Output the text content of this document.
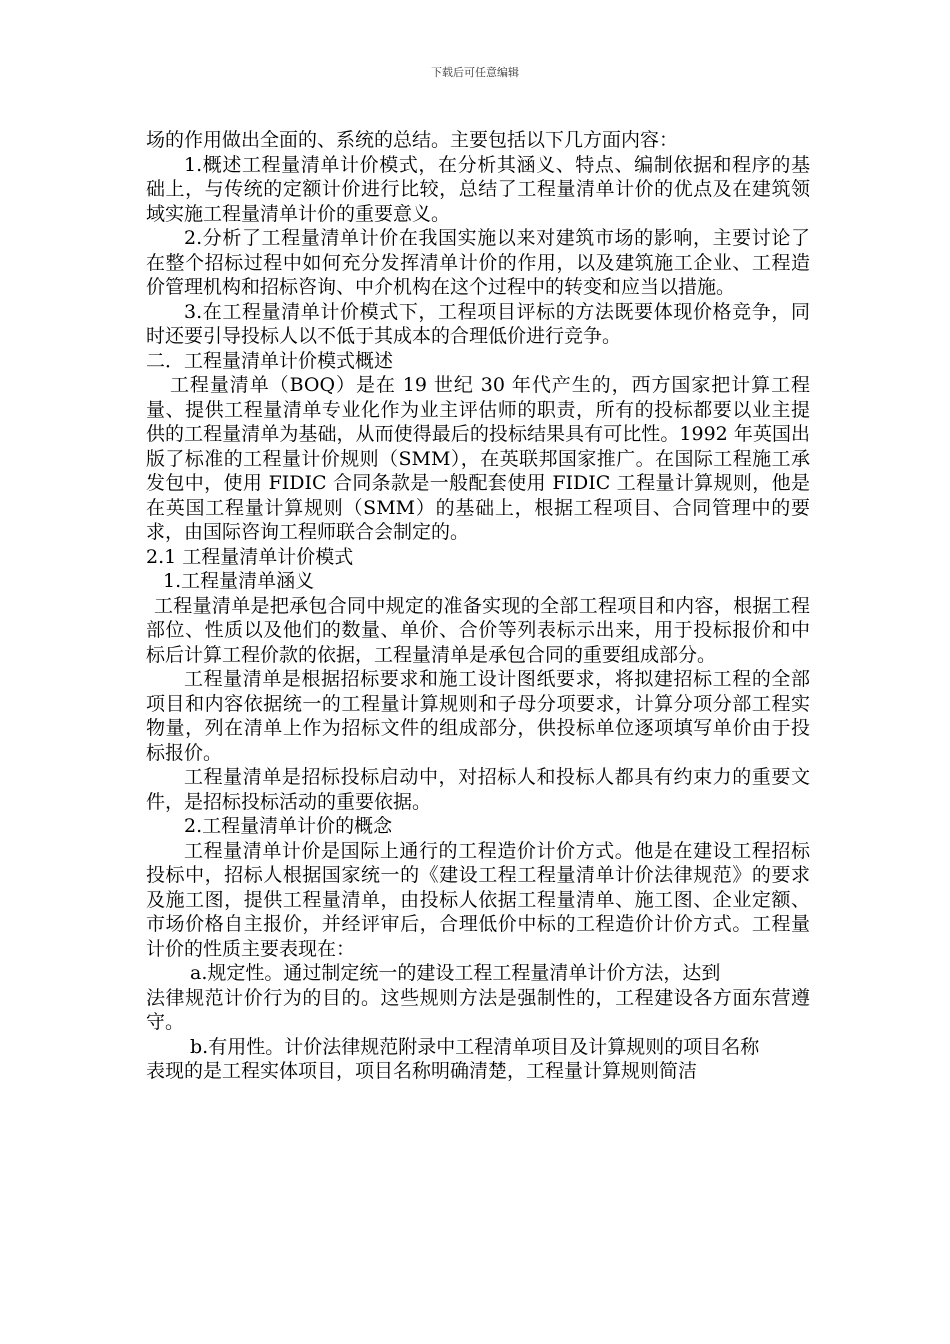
下载后可任意编辑

场的作用做出全面的、系统的总结。主要包括以下几方面内容：

1.概述工程量清单计价模式，在分析其涵义、特点、编制依据和程序的基础上，与传统的定额计价进行比较，总结了工程量清单计价的优点及在建筑领域实施工程量清单计价的重要意义。

2.分析了工程量清单计价在我国实施以来对建筑市场的影响，主要讨论了在整个招标过程中如何充分发挥清单计价的作用，以及建筑施工企业、工程造价管理机构和招标咨询、中介机构在这个过程中的转变和应当以措施。

3.在工程量清单计价模式下，工程项目评标的方法既要体现价格竞争，同时还要引导投标人以不低于其成本的合理低价进行竞争。

二．工程量清单计价模式概述

工程量清单（BOQ）是在 19 世纪 30 年代产生的，西方国家把计算工程量、提供工程量清单专业化作为业主评估师的职责，所有的投标都要以业主提供的工程量清单为基础，从而使得最后的投标结果具有可比性。1992 年英国出版了标准的工程量计价规则（SMM），在英联邦国家推广。在国际工程施工承发包中，使用 FIDIC 合同条款是一般配套使用 FIDIC 工程量计算规则，他是在英国工程量计算规则（SMM）的基础上，根据工程项目、合同管理中的要求，由国际咨询工程师联合会制定的。

2.1 工程量清单计价模式

1.工程量清单涵义

工程量清单是把承包合同中规定的准备实现的全部工程项目和内容，根据工程部位、性质以及他们的数量、单价、合价等列表标示出来，用于投标报价和中标后计算工程价款的依据，工程量清单是承包合同的重要组成部分。

工程量清单是根据招标要求和施工设计图纸要求，将拟建招标工程的全部项目和内容依据统一的工程量计算规则和子母分项要求，计算分项分部工程实物量，列在清单上作为招标文件的组成部分，供投标单位逐项填写单价由于投标报价。

工程量清单是招标投标启动中，对招标人和投标人都具有约束力的重要文件，是招标投标活动的重要依据。

2.工程量清单计价的概念

工程量清单计价是国际上通行的工程造价计价方式。他是在建设工程招标投标中，招标人根据国家统一的《建设工程工程量清单计价法律规范》的要求及施工图，提供工程量清单，由投标人依据工程量清单、施工图、企业定额、市场价格自主报价，并经评审后，合理低价中标的工程造价计价方式。工程量计价的性质主要表现在：

a.规定性。通过制定统一的建设工程工程量清单计价方法，达到

法律规范计价行为的目的。这些规则方法是强制性的，工程建设各方面东营遵守。

b.有用性。计价法律规范附录中工程清单项目及计算规则的项目名称

表现的是工程实体项目，项目名称明确清楚，工程量计算规则简洁
